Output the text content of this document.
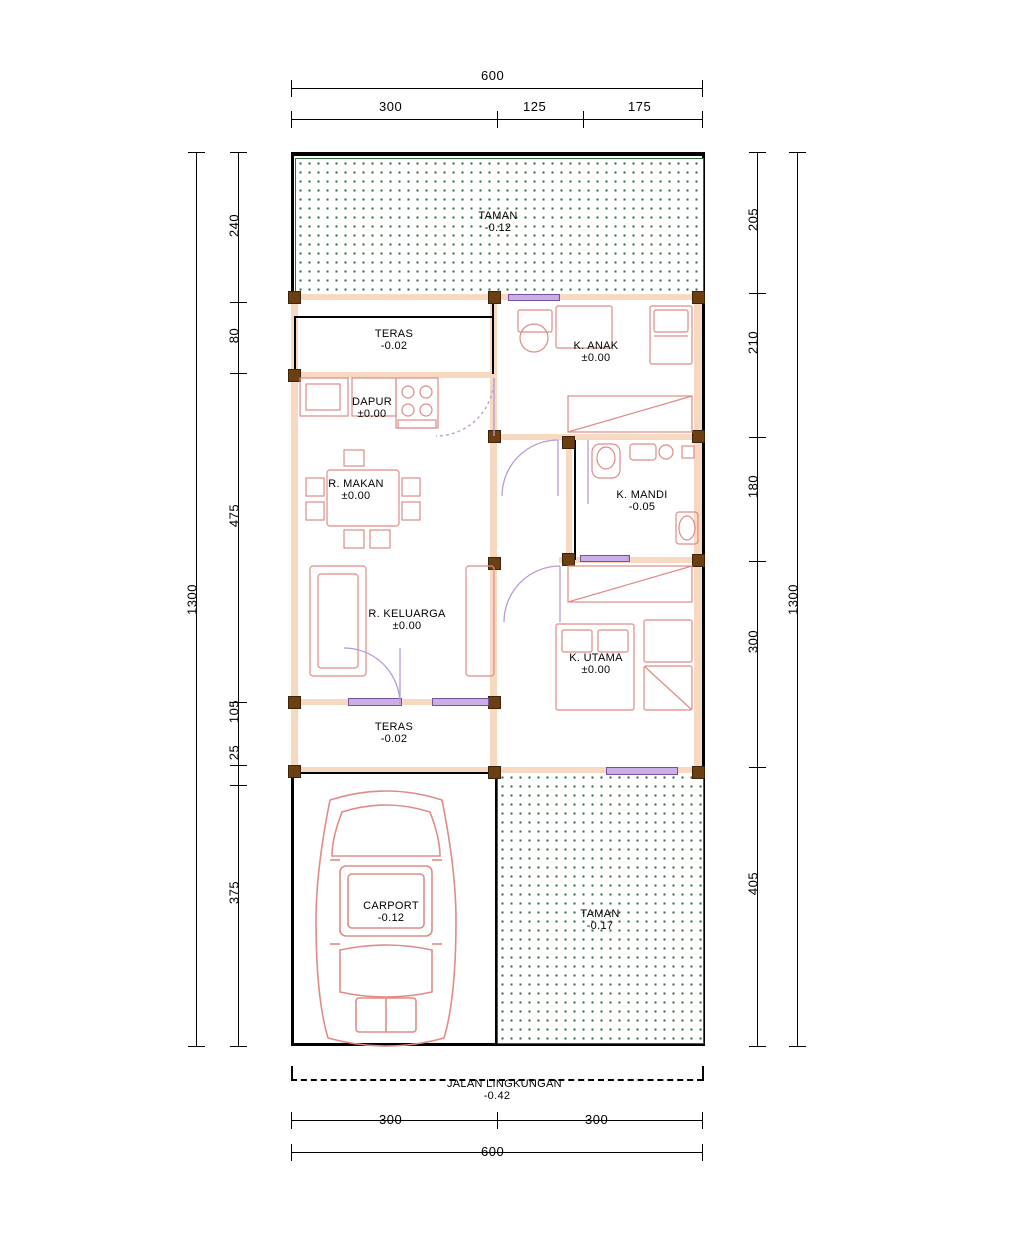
600
300	125	175
1300
240
80
475
105
25
375
205
210
180
300
405
1300
300	300
600
TAMAN
-0.12
TERAS
-0.02
DAPUR
±0.00
R. MAKAN
±0.00
R. KELUARGA
±0.00
TERAS
-0.02
K. ANAK
±0.00
K. MANDI
-0.05
K. UTAMA
±0.00
CARPORT
-0.12	TAMAN
-0.17
JALAN LINGKUNGAN
-0.42
